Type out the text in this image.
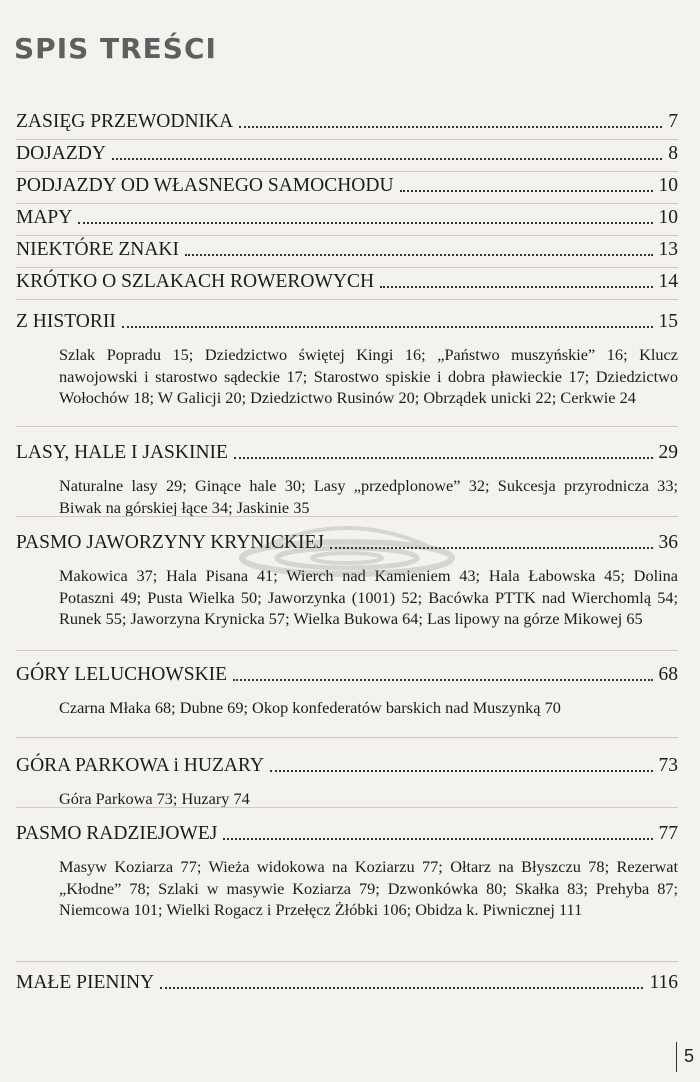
SPIS TREŚCI
ZASIĘG PRZEWODNIKA	7
DOJAZDY	8
PODJAZDY OD WŁASNEGO SAMOCHODU	10
MAPY	10
NIEKTÓRE ZNAKI	13
KRÓTKO O SZLAKACH ROWEROWYCH	14
Z HISTORII	15
Szlak Popradu 15; Dziedzictwo świętej Kingi 16; „Państwo muszyńskie” 16; Klucz nawojowski i starostwo sądeckie 17; Starostwo spiskie i dobra pławieckie 17; Dziedzictwo Wołochów 18; W Galicji 20; Dziedzictwo Rusinów 20; Obrządek unicki 22; Cerkwie 24
LASY, HALE I JASKINIE	29
Naturalne lasy 29; Ginące hale 30; Lasy „przedplonowe” 32; Sukcesja przyrodnicza 33; Biwak na górskiej łące 34; Jaskinie 35
PASMO JAWORZYNY KRYNICKIEJ	36
Makowica 37; Hala Pisana 41; Wierch nad Kamieniem 43; Hala Łabowska 45; Dolina Potaszni 49; Pusta Wielka 50; Jaworzynka (1001) 52; Bacówka PTTK nad Wierchomlą 54; Runek 55; Jaworzyna Krynicka 57; Wielka Bukowa 64; Las lipowy na górze Mikowej 65
GÓRY LELUCHOWSKIE	68
Czarna Młaka 68; Dubne 69; Okop konfederatów barskich nad Muszynką 70
GÓRA PARKOWA i HUZARY	73
Góra Parkowa 73; Huzary 74
PASMO RADZIEJOWEJ	77
Masyw Koziarza 77; Wieża widokowa na Koziarzu 77; Ołtarz na Błyszczu 78; Rezerwat „Kłodne” 78; Szlaki w masywie Koziarza 79; Dzwonkówka 80; Skałka 83; Prehyba 87; Niemcowa 101; Wielki Rogacz i Przełęcz Żłóbki 106; Obidza k. Piwnicznej 111
MAŁE PIENINY	116
5
